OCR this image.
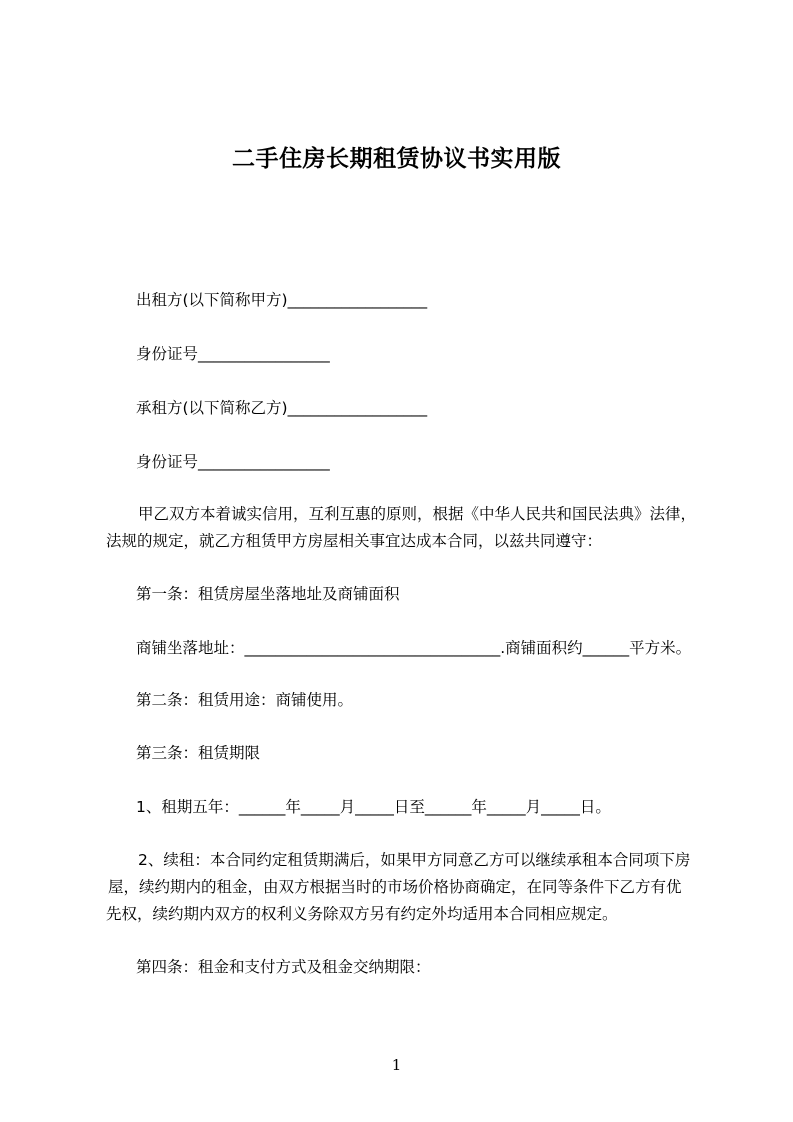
二手住房长期租赁协议书实用版
出租方(以下简称甲方)__________________
身份证号_________________
承租方(以下简称乙方)__________________
身份证号_________________
甲乙双方本着诚实信用，互利互惠的原则，根据《中华人民共和国民法典》法律，
法规的规定，就乙方租赁甲方房屋相关事宜达成本合同，以兹共同遵守：
第一条：租赁房屋坐落地址及商铺面积
商铺坐落地址：_________________________________.商铺面积约______平方米。
第二条：租赁用途：商铺使用。
第三条：租赁期限
1、租期五年：______年_____月_____日至______年_____月_____日。
2、续租：本合同约定租赁期满后，如果甲方同意乙方可以继续承租本合同项下房
屋，续约期内的租金，由双方根据当时的市场价格协商确定，在同等条件下乙方有优
先权，续约期内双方的权利义务除双方另有约定外均适用本合同相应规定。
第四条：租金和支付方式及租金交纳期限：
1
